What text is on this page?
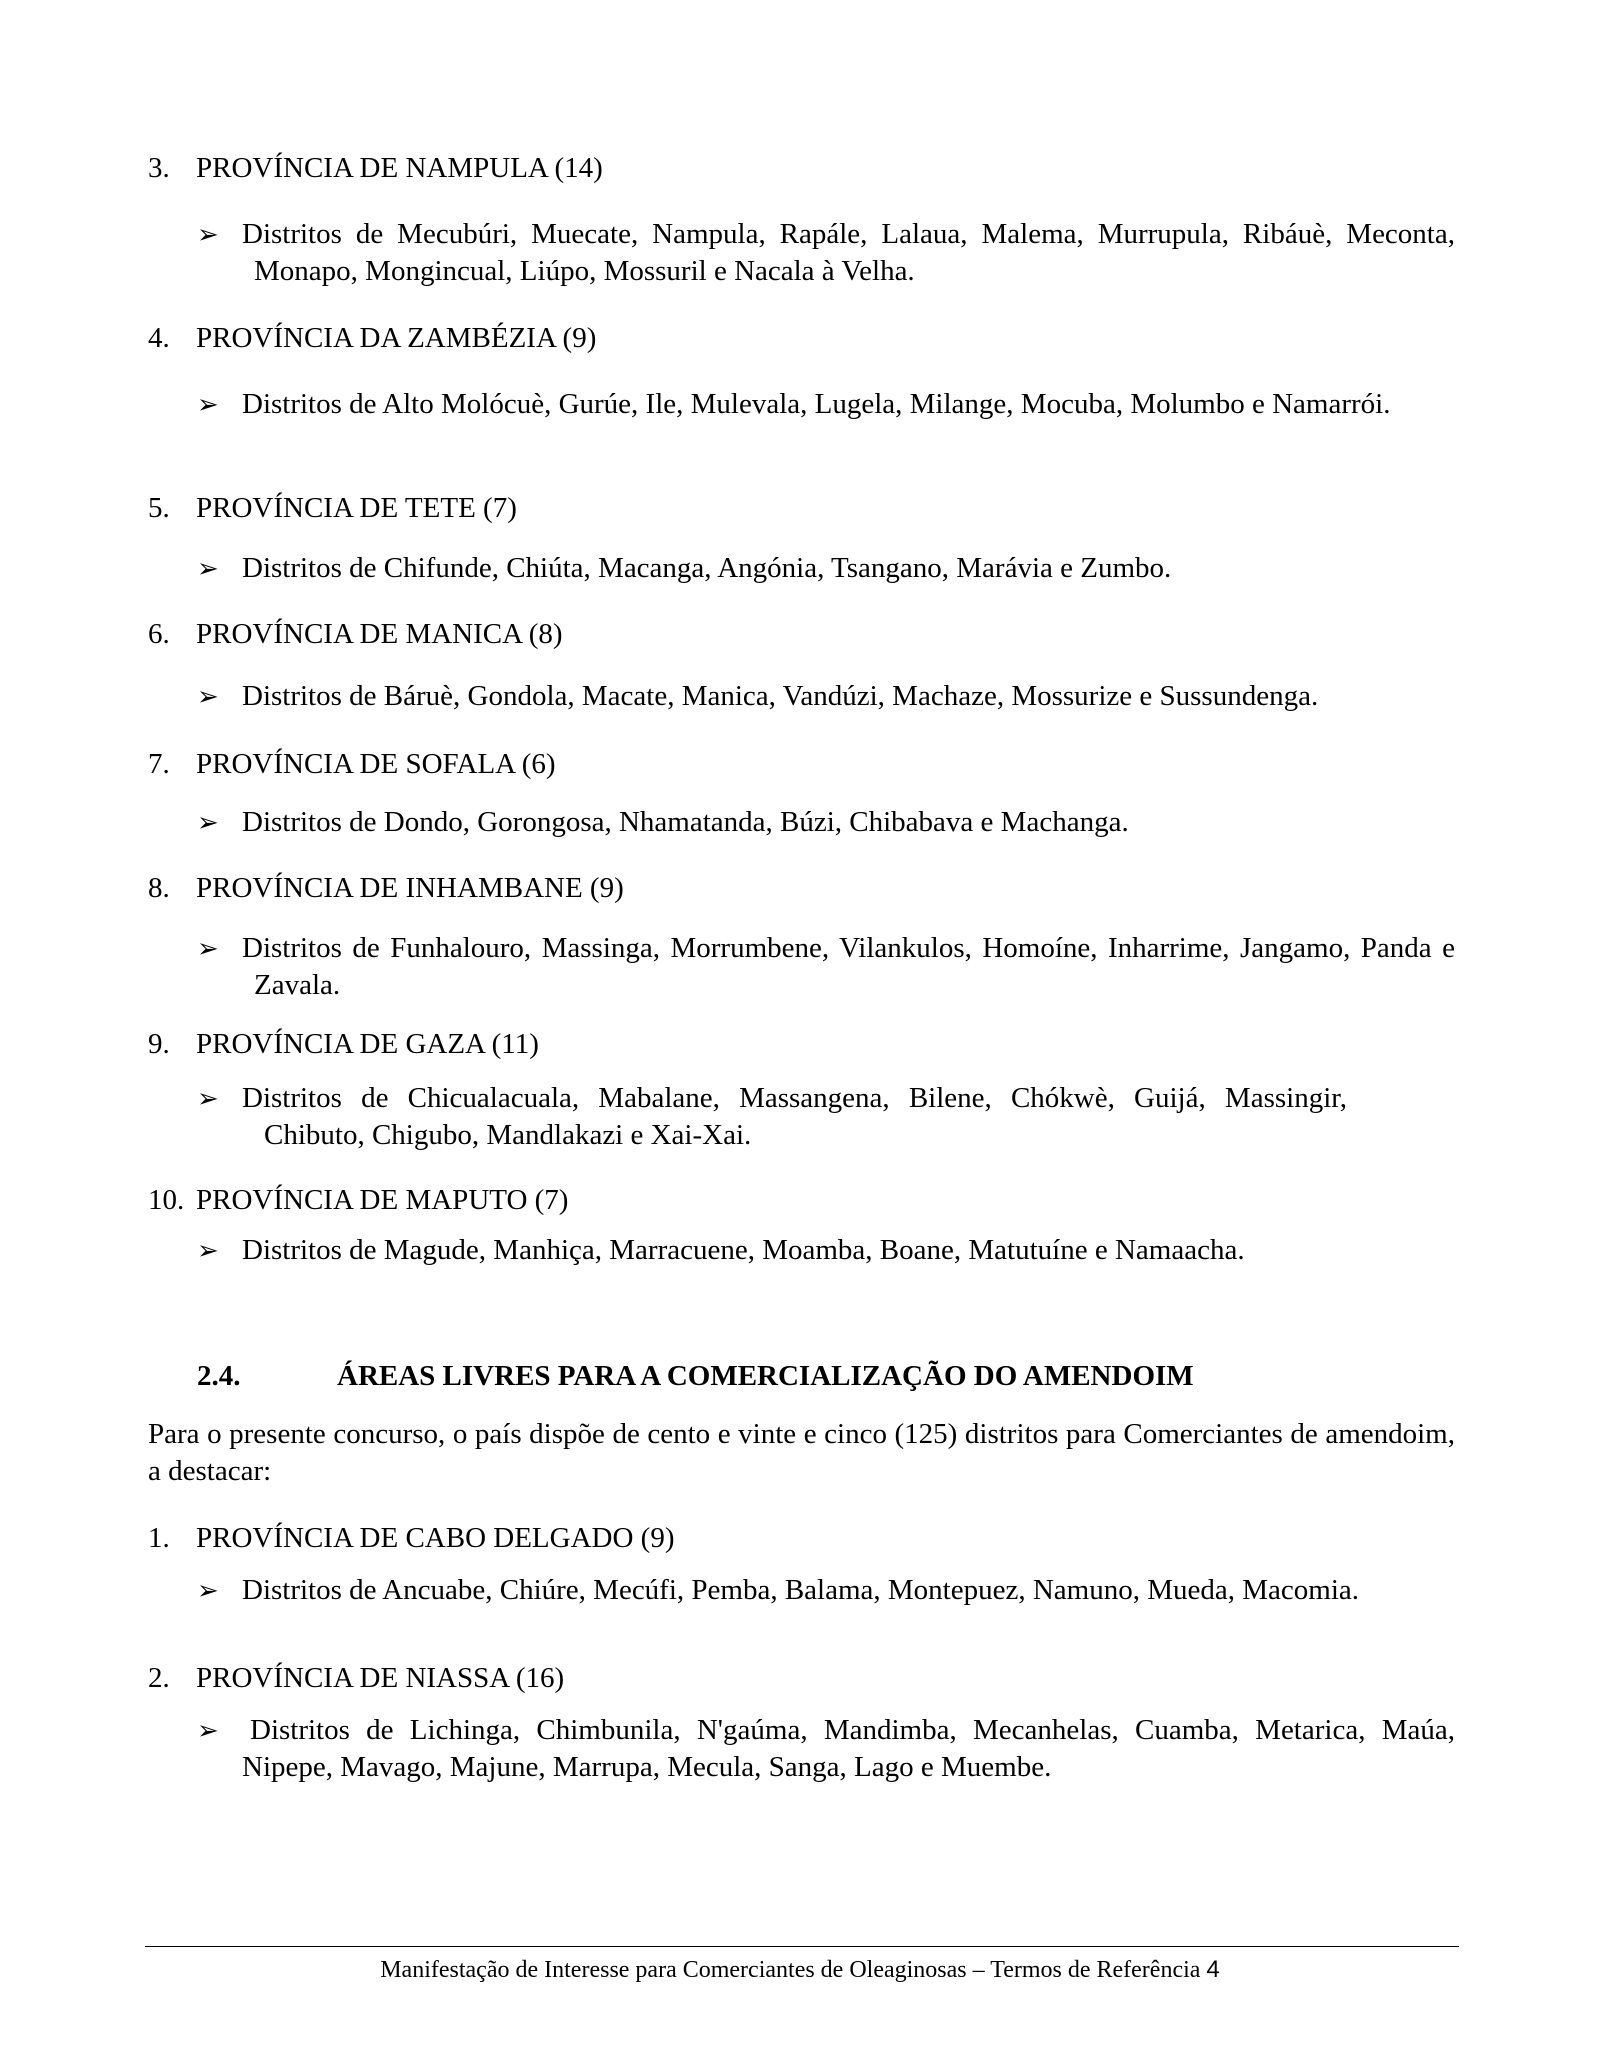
3. PROVÍNCIA DE NAMPULA (14)
➢ Distritos de Mecubúri, Muecate, Nampula, Rapále, Lalaua, Malema, Murrupula, Ribáuè, Meconta, Monapo, Mongincual, Liúpo, Mossuril e Nacala à Velha.
4. PROVÍNCIA DA ZAMBÉZIA (9)
➢ Distritos de Alto Molócuè, Gurúe, Ile, Mulevala, Lugela, Milange, Mocuba, Molumbo e Namarrói.
5. PROVÍNCIA DE TETE (7)
➢ Distritos de Chifunde, Chiúta, Macanga, Angónia, Tsangano, Marávia e Zumbo.
6. PROVÍNCIA DE MANICA (8)
➢ Distritos de Báruè, Gondola, Macate, Manica, Vandúzi, Machaze, Mossurize e Sussundenga.
7. PROVÍNCIA DE SOFALA (6)
➢ Distritos de Dondo, Gorongosa, Nhamatanda, Búzi, Chibabava e Machanga.
8. PROVÍNCIA DE INHAMBANE (9)
➢ Distritos de Funhalouro, Massinga, Morrumbene, Vilankulos, Homoíne, Inharrime, Jangamo, Panda e Zavala.
9. PROVÍNCIA DE GAZA (11)
➢ Distritos de Chicualacuala, Mabalane, Massangena, Bilene, Chókwè, Guijá, Massingir, Chibuto, Chigubo, Mandlakazi e Xai-Xai.
10. PROVÍNCIA DE MAPUTO (7)
➢ Distritos de Magude, Manhiça, Marracuene, Moamba, Boane, Matutuíne e Namaacha.
2.4.	ÁREAS LIVRES PARA A COMERCIALIZAÇÃO DO AMENDOIM
Para o presente concurso, o país dispõe de cento e vinte e cinco (125) distritos para Comerciantes de amendoim, a destacar:
1. PROVÍNCIA DE CABO DELGADO (9)
➢ Distritos de Ancuabe, Chiúre, Mecúfi, Pemba, Balama, Montepuez, Namuno, Mueda, Macomia.
2. PROVÍNCIA DE NIASSA (16)
➢ Distritos de Lichinga, Chimbunila, N'gaúma, Mandimba, Mecanhelas, Cuamba, Metarica, Maúa, Nipepe, Mavago, Majune, Marrupa, Mecula, Sanga, Lago e Muembe.
Manifestação de Interesse para Comerciantes de Oleaginosas – Termos de Referência 4
